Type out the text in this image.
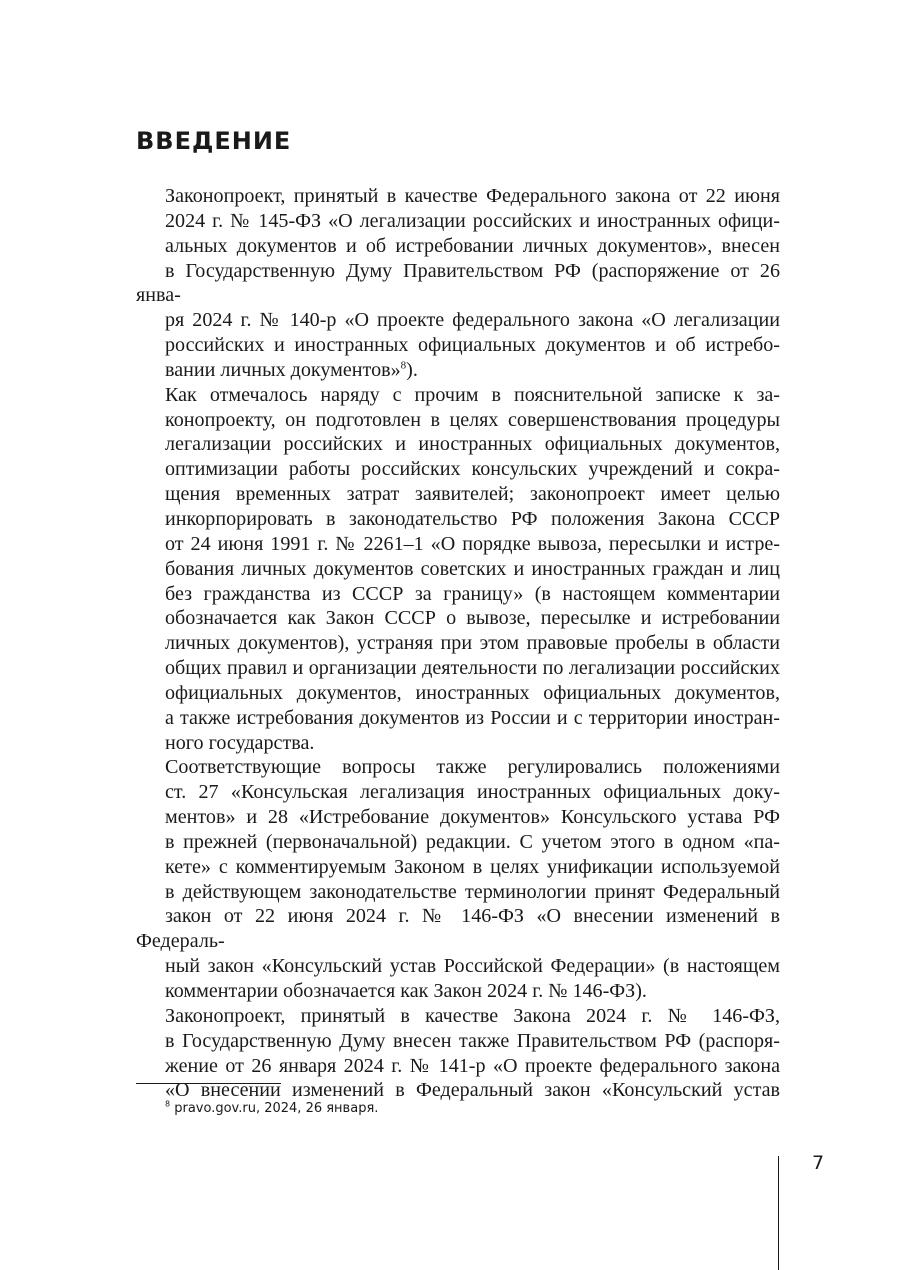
ВВЕДЕНИЕ

Законопроект, принятый в качестве Федерального закона от 22 июня
2024 г. № 145-ФЗ «О легализации российских и иностранных офици-
альных документов и об истребовании личных документов», внесен
в Государственную Думу Правительством РФ (распоряжение от 26 янва-
ря 2024 г. № 140-р «О проекте федерального закона «О легализации
российских и иностранных официальных документов и об истребо-
вании личных документов»$^8$).

Как отмечалось наряду с прочим в пояснительной записке к за-
конопроекту, он подготовлен в целях совершенствования процедуры
легализации российских и иностранных официальных документов,
оптимизации работы российских консульских учреждений и сокра-
щения временных затрат заявителей; законопроект имеет целью
инкорпорировать в законодательство РФ положения Закона СССР
от 24 июня 1991 г. № 2261–1 «О порядке вывоза, пересылки и истре-
бования личных документов советских и иностранных граждан и лиц
без гражданства из СССР за границу» (в настоящем комментарии
обозначается как Закон СССР о вывозе, пересылке и истребовании
личных документов), устраняя при этом правовые пробелы в области
общих правил и организации деятельности по легализации российских
официальных документов, иностранных официальных документов,
а также истребования документов из России и с территории иностран-
ного государства.

Соответствующие вопросы также регулировались положениями
ст. 27 «Консульская легализация иностранных официальных доку-
ментов» и 28 «Истребование документов» Консульского устава РФ
в прежней (первоначальной) редакции. С учетом этого в одном «па-
кете» с комментируемым Законом в целях унификации используемой
в действующем законодательстве терминологии принят Федеральный
закон от 22 июня 2024 г. № 146-ФЗ «О внесении изменений в Федераль-
ный закон «Консульский устав Российской Федерации» (в настоящем
комментарии обозначается как Закон 2024 г. № 146-ФЗ).

Законопроект, принятый в качестве Закона 2024 г. № 146-ФЗ,
в Государственную Думу внесен также Правительством РФ (распоря-
жение от 26 января 2024 г. № 141-р «О проекте федерального закона
«О внесении изменений в Федеральный закон «Консульский устав

$^8$ pravo.gov.ru, 2024, 26 января.
7
